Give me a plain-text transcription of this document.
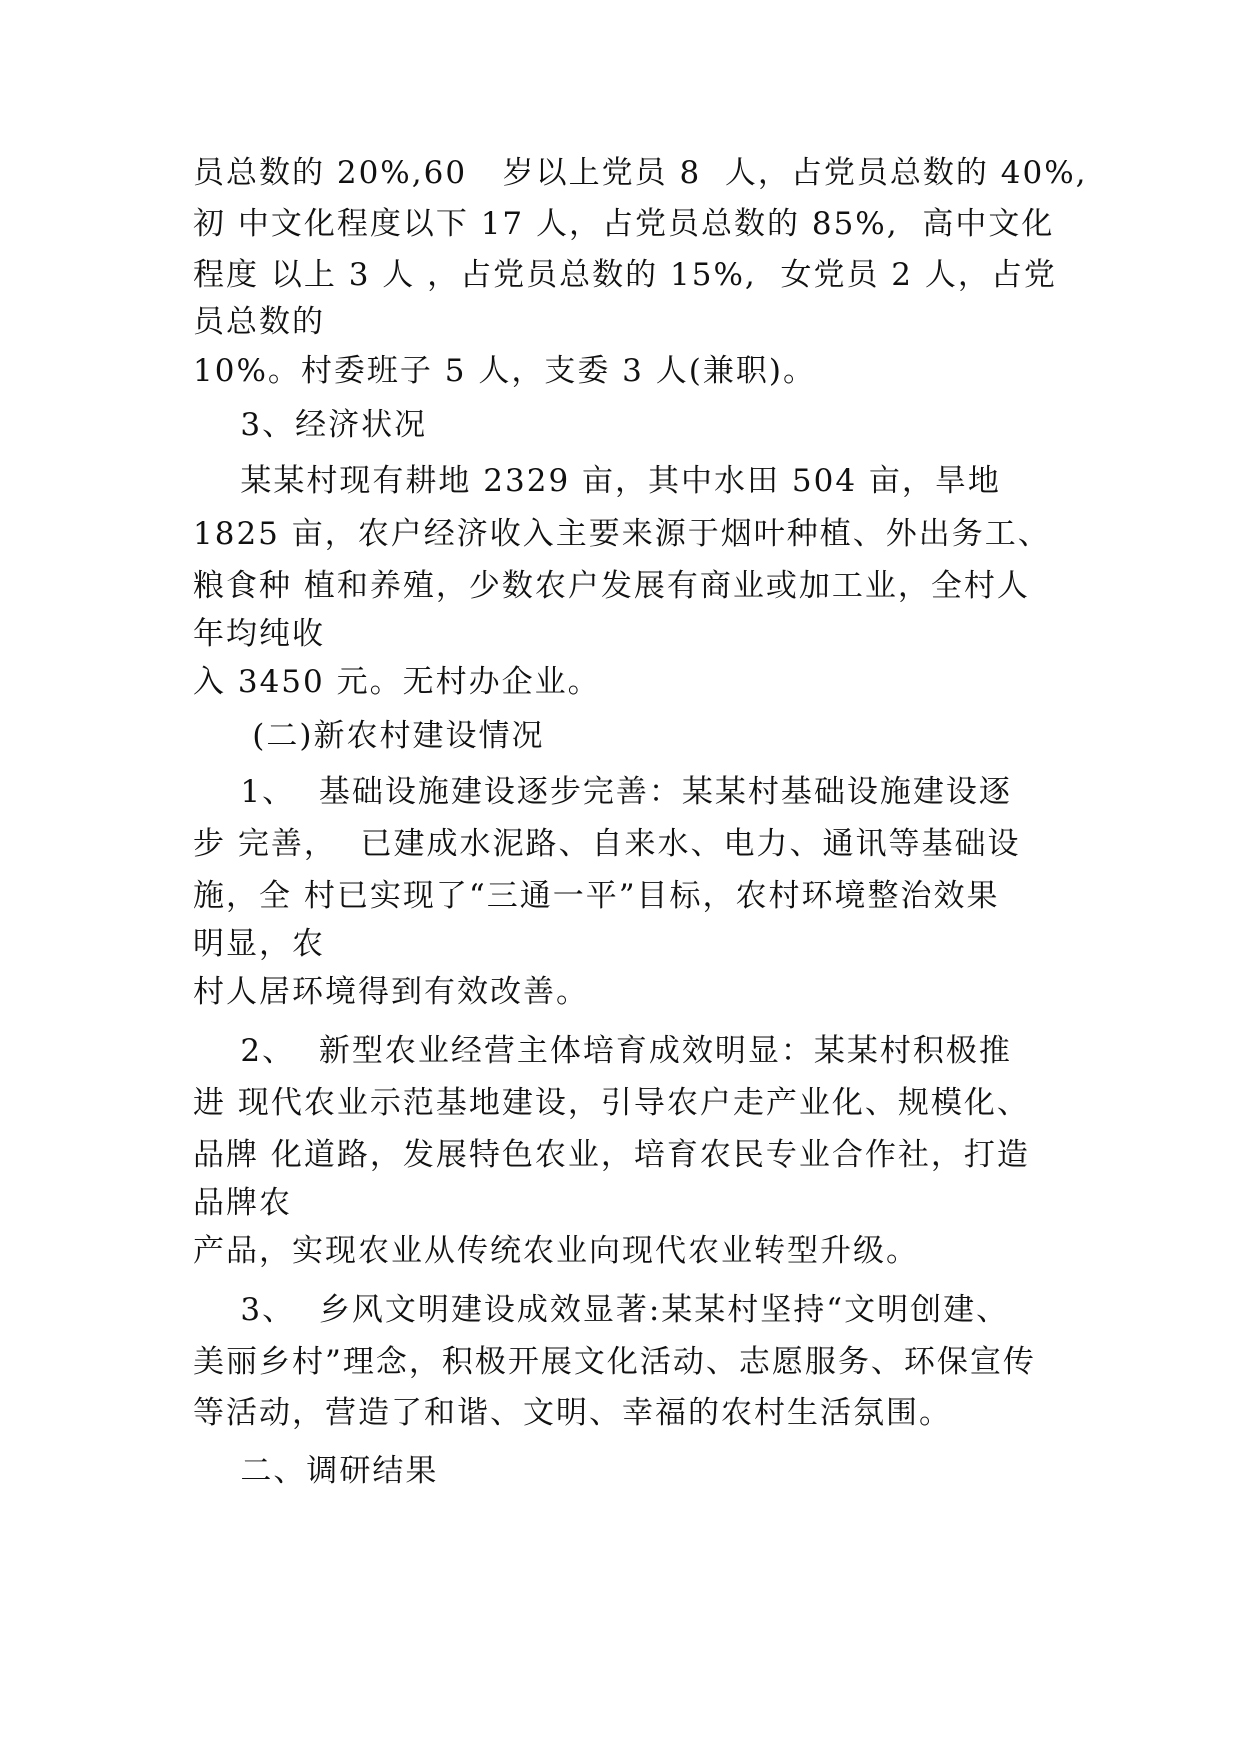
员总数的 20%,60   岁以上党员 8  人，占党员总数的 40%,

初 中文化程度以下 17 人，占党员总数的 85%,  高中文化

程度 以上 3 人 ，占党员总数的 15%,  女党员 2 人，占党

员总数的

10%。村委班子 5 人，支委 3 人(兼职)。

3、经济状况

某某村现有耕地 2329 亩，其中水田 504 亩，旱地

1825 亩，农户经济收入主要来源于烟叶种植、外出务工、

粮食种 植和养殖，少数农户发展有商业或加工业，全村人

年均纯收

入 3450 元。无村办企业。

(二)新农村建设情况

1、  基础设施建设逐步完善：某某村基础设施建设逐

步 完善，  已建成水泥路、自来水、电力、通讯等基础设

施，全 村已实现了“三通一平”目标，农村环境整治效果

明显，农

村人居环境得到有效改善。

2、  新型农业经营主体培育成效明显：某某村积极推

进 现代农业示范基地建设，引导农户走产业化、规模化、

品牌 化道路，发展特色农业，培育农民专业合作社，打造

品牌农

产品，实现农业从传统农业向现代农业转型升级。

3、  乡风文明建设成效显著:某某村坚持“文明创建、

美丽乡村”理念，积极开展文化活动、志愿服务、环保宣传

等活动，营造了和谐、文明、幸福的农村生活氛围。

二、调研结果
